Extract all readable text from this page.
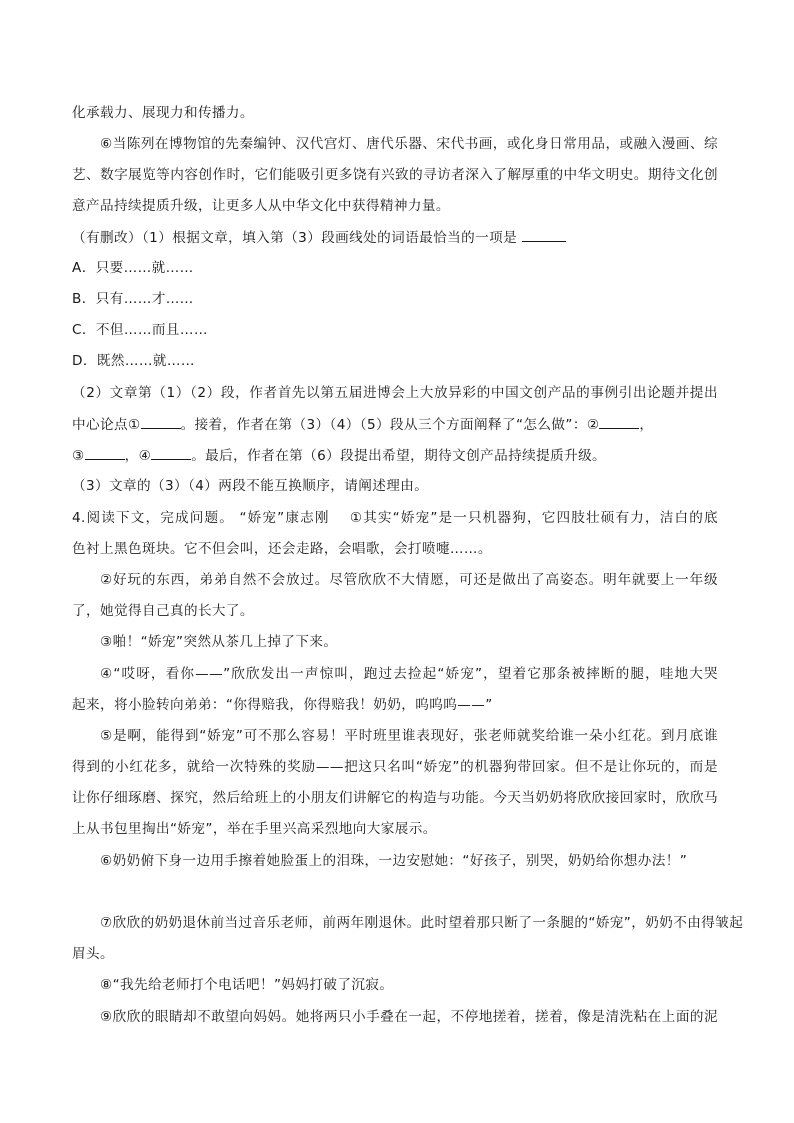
化承载力、展现力和传播力。
⑥当陈列在博物馆的先秦编钟、汉代宫灯、唐代乐器、宋代书画，或化身日常用品，或融入漫画、综
艺、数字展览等内容创作时，它们能吸引更多饶有兴致的寻访者深入了解厚重的中华文明史。期待文化创
意产品持续提质升级，让更多人从中华文化中获得精神力量。
（有删改）（1）根据文章，填入第（3）段画线处的词语最恰当的一项是
A．只要……就……
B．只有……才……
C．不但……而且……
D．既然……就……
（2）文章第（1）（2）段，作者首先以第五届进博会上大放异彩的中国文创产品的事例引出论题并提出
中心论点①	。接着，作者在第（3）（4）（5）段从三个方面阐释了“怎么做”：②	，
③	，④	。最后，作者在第（6）段提出希望，期待文创产品持续提质升级。
（3）文章的（3）（4）两段不能互换顺序，请阐述理由。
4.阅读下文，完成问题。 “娇宠”康志刚　 ①其实“娇宠”是一只机器狗，它四肢壮硕有力，洁白的底
色衬上黑色斑块。它不但会叫，还会走路，会唱歌，会打喷嚏……。
②好玩的东西，弟弟自然不会放过。尽管欣欣不大情愿，可还是做出了高姿态。明年就要上一年级
了，她觉得自己真的长大了。
③啪！“娇宠”突然从茶几上掉了下来。
④“哎呀，看你——”欣欣发出一声惊叫，跑过去捡起“娇宠”，望着它那条被摔断的腿，哇地大哭
起来，将小脸转向弟弟：“你得赔我，你得赔我！奶奶，呜呜呜——”
⑤是啊，能得到“娇宠”可不那么容易！平时班里谁表现好，张老师就奖给谁一朵小红花。到月底谁
得到的小红花多，就给一次特殊的奖励——把这只名叫“娇宠”的机器狗带回家。但不是让你玩的，而是
让你仔细琢磨、探究，然后给班上的小朋友们讲解它的构造与功能。今天当奶奶将欣欣接回家时，欣欣马
上从书包里掏出“娇宠”，举在手里兴高采烈地向大家展示。
⑥奶奶俯下身一边用手擦着她脸蛋上的泪珠，一边安慰她：“好孩子，别哭，奶奶给你想办法！”
⑦欣欣的奶奶退休前当过音乐老师，前两年刚退休。此时望着那只断了一条腿的“娇宠”，奶奶不由得皱起
眉头。
⑧“我先给老师打个电话吧！”妈妈打破了沉寂。
⑨欣欣的眼睛却不敢望向妈妈。她将两只小手叠在一起，不停地搓着，搓着，像是清洗粘在上面的泥
